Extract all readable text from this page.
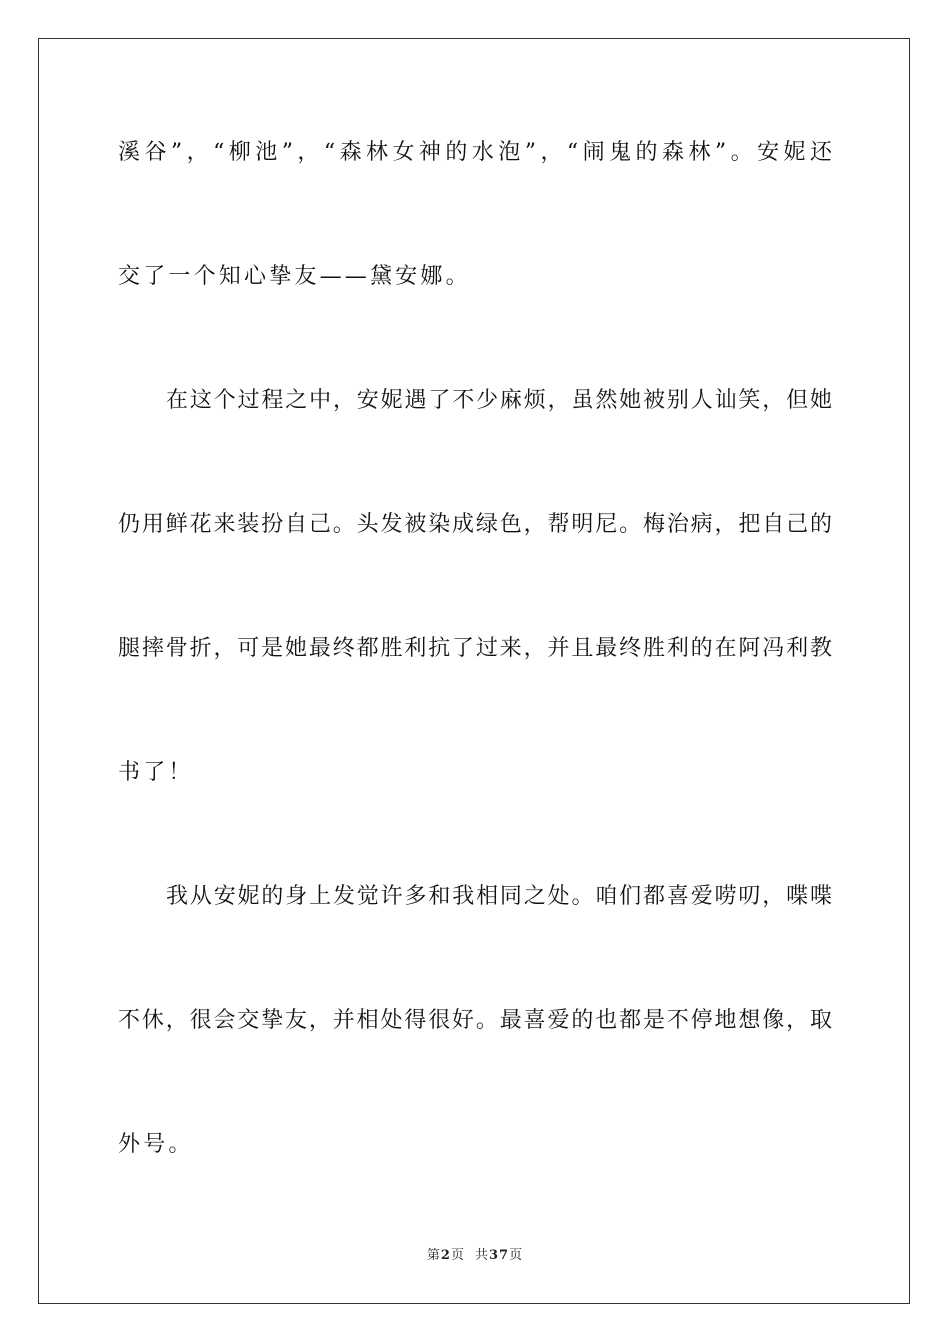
溪谷”，“柳池”，“森林女神的水泡”，“闹鬼的森林”。安妮还
交了一个知心挚友——黛安娜。
在这个过程之中，安妮遇了不少麻烦，虽然她被别人讪笑，但她
仍用鲜花来装扮自己。头发被染成绿色，帮明尼。梅治病，把自己的
腿摔骨折，可是她最终都胜利抗了过来，并且最终胜利的在阿冯利教
书了！
我从安妮的身上发觉许多和我相同之处。咱们都喜爱唠叨，喋喋
不休，很会交挚友，并相处得很好。最喜爱的也都是不停地想像，取
外号。
第2页 共37页
